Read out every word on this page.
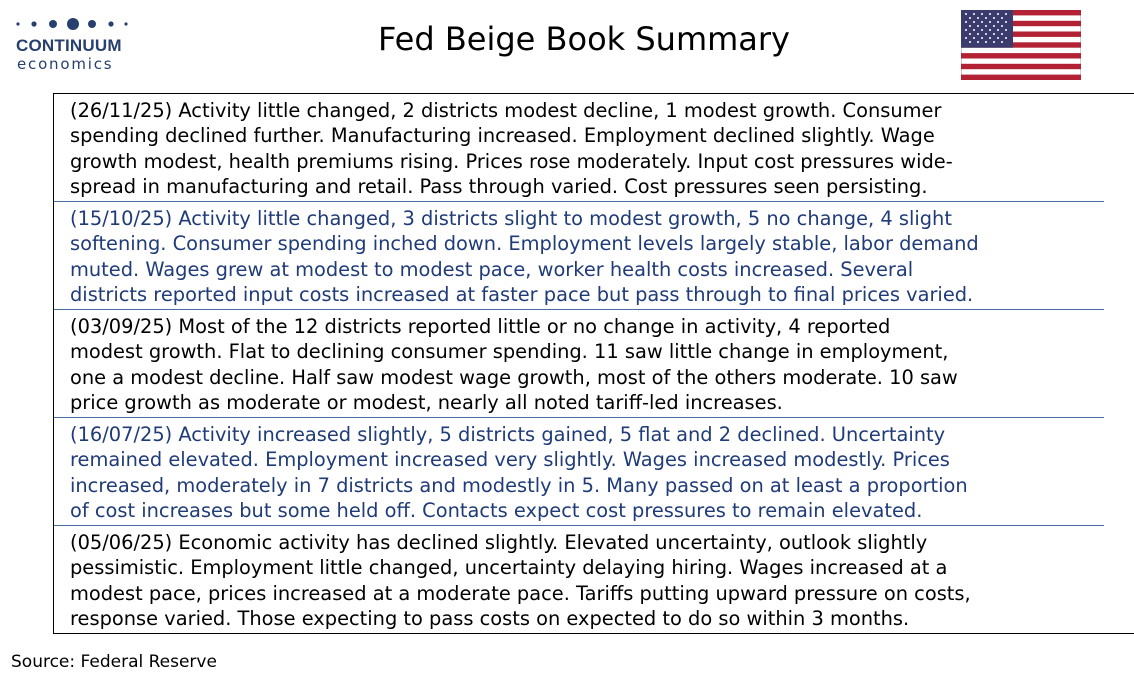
CONTINUUM
economics
Fed Beige Book Summary
(26/11/25) Activity little changed, 2 districts modest decline, 1 modest growth. Consumer
spending declined further. Manufacturing increased. Employment declined slightly. Wage
growth modest, health premiums rising. Prices rose moderately. Input cost pressures wide-
spread in manufacturing and retail. Pass through varied. Cost pressures seen persisting.
(15/10/25) Activity little changed, 3 districts slight to modest growth, 5 no change, 4 slight
softening. Consumer spending inched down. Employment levels largely stable, labor demand
muted. Wages grew at modest to modest pace, worker health costs increased. Several
districts reported input costs increased at faster pace but pass through to final prices varied.
(03/09/25) Most of the 12 districts reported little or no change in activity, 4 reported
modest growth. Flat to declining consumer spending. 11 saw little change in employment,
one a modest decline. Half saw modest wage growth, most of the others moderate. 10 saw
price growth as moderate or modest, nearly all noted tariff-led increases.
(16/07/25) Activity increased slightly, 5 districts gained, 5 flat and 2 declined. Uncertainty
remained elevated. Employment increased very slightly. Wages increased modestly. Prices
increased, moderately in 7 districts and modestly in 5. Many passed on at least a proportion
of cost increases but some held off. Contacts expect cost pressures to remain elevated.
(05/06/25) Economic activity has declined slightly. Elevated uncertainty, outlook slightly
pessimistic. Employment little changed, uncertainty delaying hiring. Wages increased at a
modest pace, prices increased at a moderate pace. Tariffs putting upward pressure on costs,
response varied. Those expecting to pass costs on expected to do so within 3 months.
Source: Federal Reserve
